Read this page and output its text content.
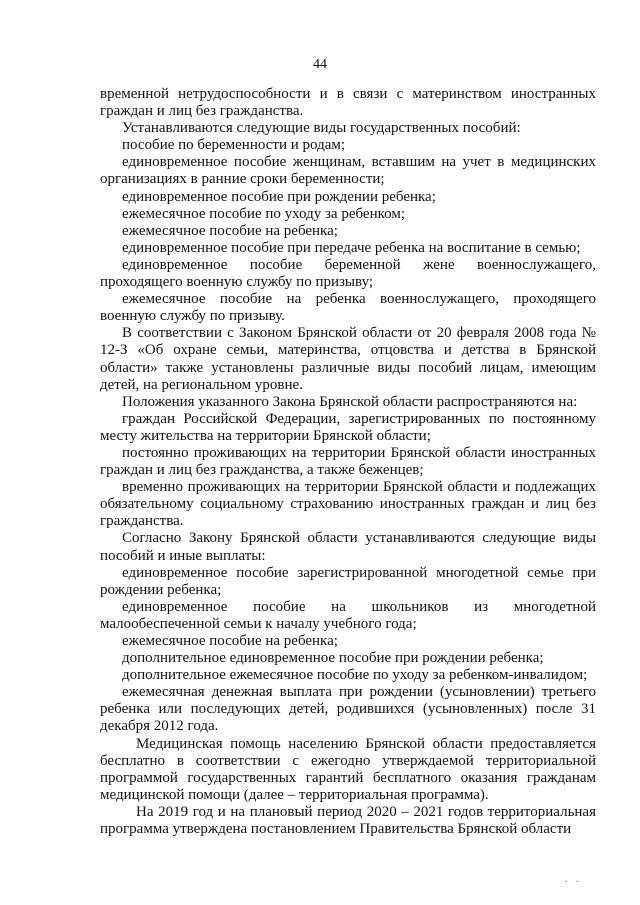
44

временной нетрудоспособности и в связи с материнством иностранных граждан и лиц без гражданства.

Устанавливаются следующие виды государственных пособий:

пособие по беременности и родам;

единовременное пособие женщинам, вставшим на учет в медицинских организациях в ранние сроки беременности;

единовременное пособие при рождении ребенка;

ежемесячное пособие по уходу за ребенком;

ежемесячное пособие на ребенка;

единовременное пособие при передаче ребенка на воспитание в семью;

единовременное пособие беременной жене военнослужащего, проходящего военную службу по призыву;

ежемесячное пособие на ребенка военнослужащего, проходящего военную службу по призыву.

В соответствии с Законом Брянской области от 20 февраля 2008 года № 12-З «Об охране семьи, материнства, отцовства и детства в Брянской области» также установлены различные виды пособий лицам, имеющим детей, на региональном уровне.

Положения указанного Закона Брянской области распространяются на:

граждан Российской Федерации, зарегистрированных по постоянному месту жительства на территории Брянской области;

постоянно проживающих на территории Брянской области иностранных граждан и лиц без гражданства, а также беженцев;

временно проживающих на территории Брянской области и подлежащих обязательному социальному страхованию иностранных граждан и лиц без гражданства.

Согласно Закону Брянской области устанавливаются следующие виды пособий и иные выплаты:

единовременное пособие зарегистрированной многодетной семье при рождении ребенка;

единовременное пособие на школьников из многодетной малообеспеченной семьи к началу учебного года;

ежемесячное пособие на ребенка;

дополнительное единовременное пособие при рождении ребенка;

дополнительное ежемесячное пособие по уходу за ребенком-инвалидом;

ежемесячная денежная выплата при рождении (усыновлении) третьего ребенка или последующих детей, родившихся (усыновленных) после 31 декабря 2012 года.

Медицинская помощь населению Брянской области предоставляется бесплатно в соответствии с ежегодно утверждаемой территориальной программой государственных гарантий бесплатного оказания гражданам медицинской помощи (далее – территориальная программа).

На 2019 год и на плановый период 2020 – 2021 годов территориальная программа утверждена постановлением Правительства Брянской области

. .
